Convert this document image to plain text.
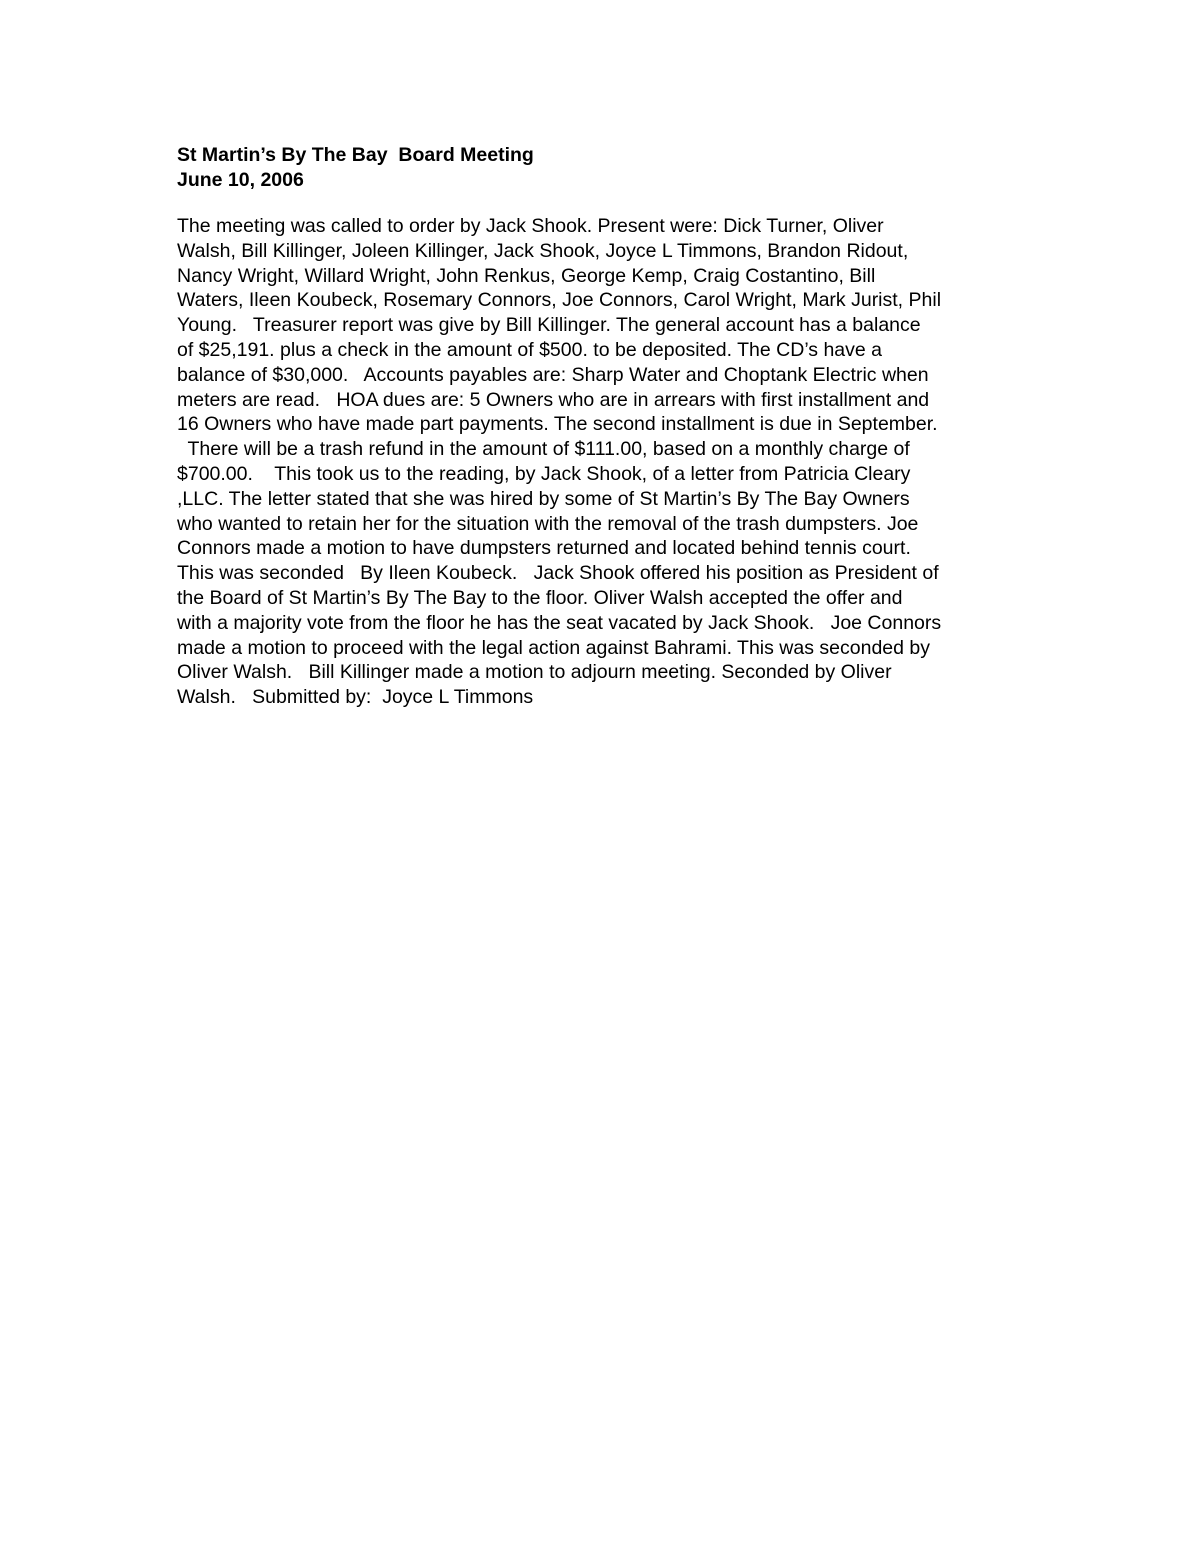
St Martin’s By The Bay  Board Meeting
June 10, 2006
The meeting was called to order by Jack Shook. Present were: Dick Turner, Oliver
Walsh, Bill Killinger, Joleen Killinger, Jack Shook, Joyce L Timmons, Brandon Ridout,
Nancy Wright, Willard Wright, John Renkus, George Kemp, Craig Costantino, Bill
Waters, Ileen Koubeck, Rosemary Connors, Joe Connors, Carol Wright, Mark Jurist, Phil
Young.   Treasurer report was give by Bill Killinger. The general account has a balance
of $25,191. plus a check in the amount of $500. to be deposited. The CD’s have a
balance of $30,000.   Accounts payables are: Sharp Water and Choptank Electric when
meters are read.   HOA dues are: 5 Owners who are in arrears with first installment and
16 Owners who have made part payments. The second installment is due in September.
There will be a trash refund in the amount of $111.00, based on a monthly charge of
$700.00.    This took us to the reading, by Jack Shook, of a letter from Patricia Cleary
,LLC. The letter stated that she was hired by some of St Martin’s By The Bay Owners
who wanted to retain her for the situation with the removal of the trash dumpsters. Joe
Connors made a motion to have dumpsters returned and located behind tennis court.
This was seconded   By Ileen Koubeck.   Jack Shook offered his position as President of
the Board of St Martin’s By The Bay to the floor. Oliver Walsh accepted the offer and
with a majority vote from the floor he has the seat vacated by Jack Shook.   Joe Connors
made a motion to proceed with the legal action against Bahrami. This was seconded by
Oliver Walsh.   Bill Killinger made a motion to adjourn meeting. Seconded by Oliver
Walsh.   Submitted by:  Joyce L Timmons
